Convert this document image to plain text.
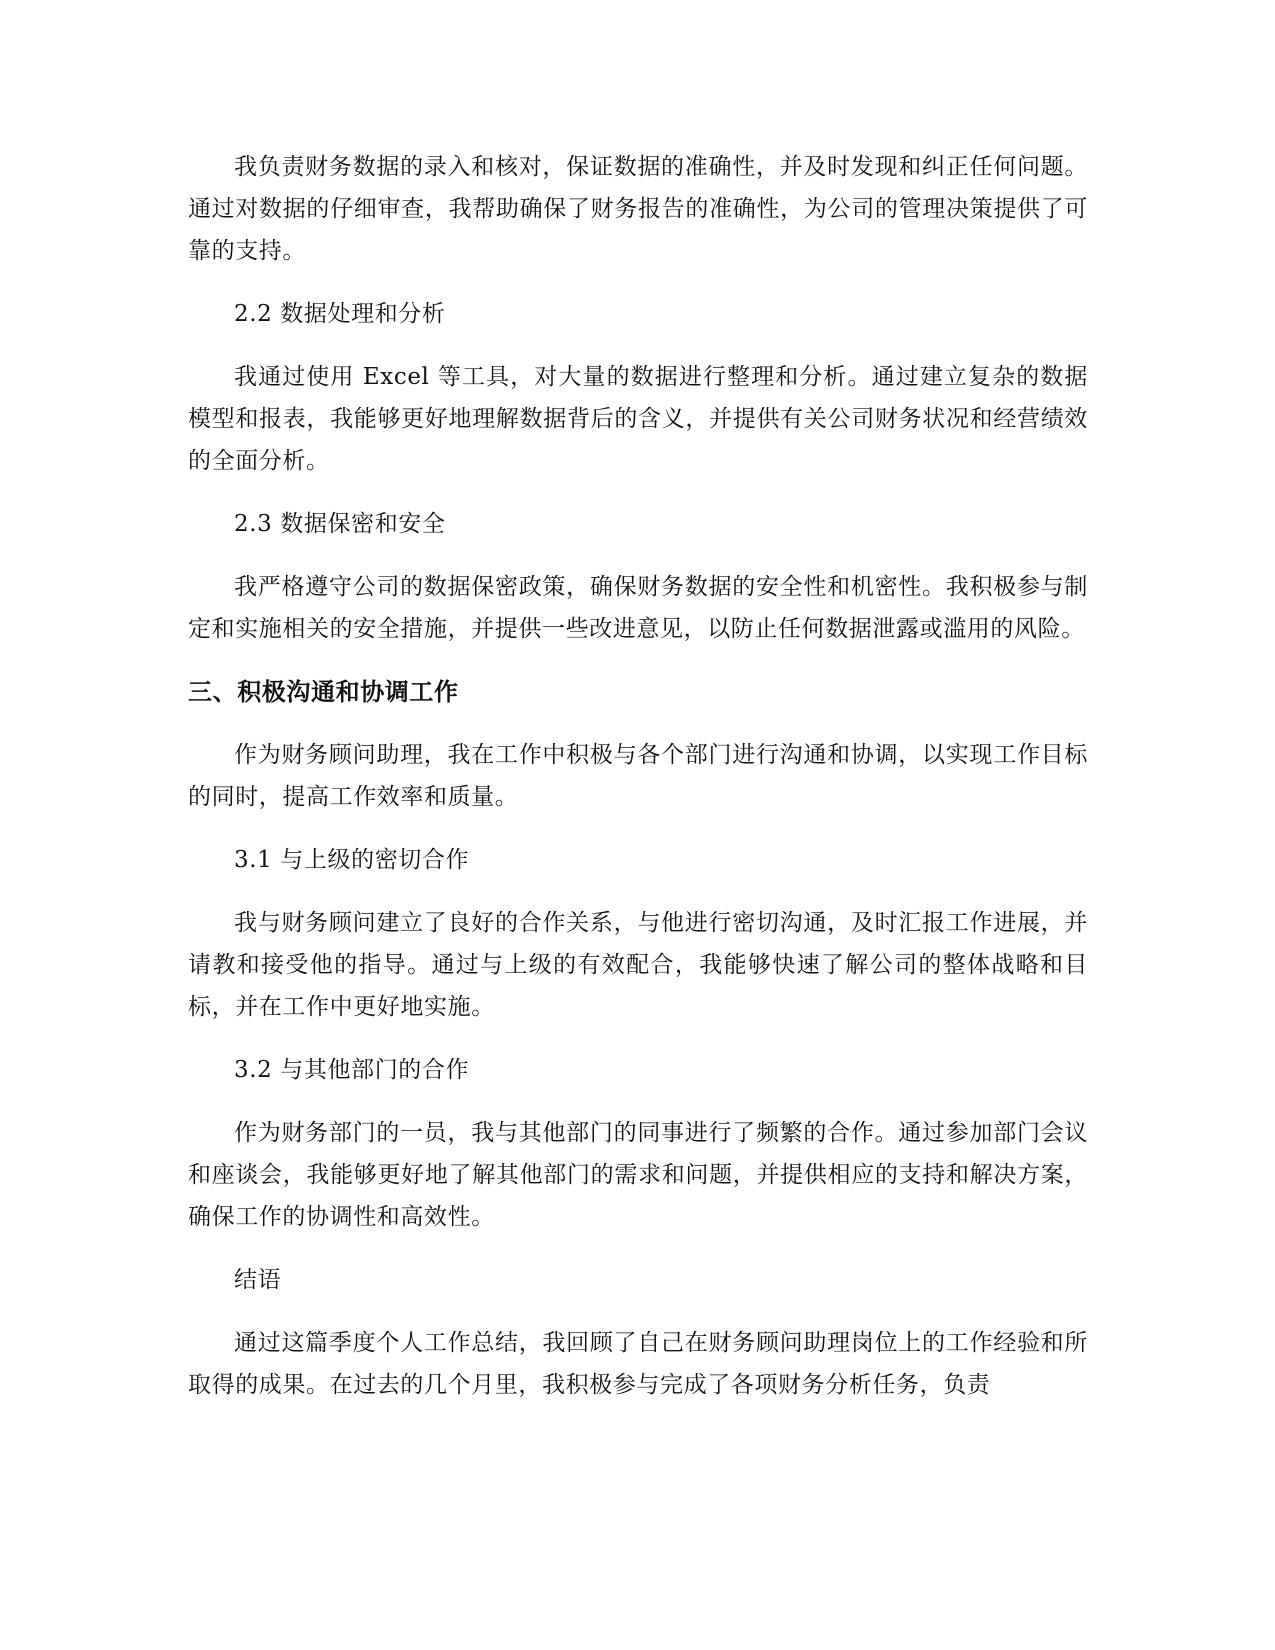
我负责财务数据的录入和核对，保证数据的准确性，并及时发现和纠正任何问题。通过对数据的仔细审查，我帮助确保了财务报告的准确性，为公司的管理决策提供了可靠的支持。

2.2 数据处理和分析

我通过使用 Excel 等工具，对大量的数据进行整理和分析。通过建立复杂的数据模型和报表，我能够更好地理解数据背后的含义，并提供有关公司财务状况和经营绩效的全面分析。

2.3 数据保密和安全

我严格遵守公司的数据保密政策，确保财务数据的安全性和机密性。我积极参与制定和实施相关的安全措施，并提供一些改进意见，以防止任何数据泄露或滥用的风险。

三、积极沟通和协调工作

作为财务顾问助理，我在工作中积极与各个部门进行沟通和协调，以实现工作目标的同时，提高工作效率和质量。

3.1 与上级的密切合作

我与财务顾问建立了良好的合作关系，与他进行密切沟通，及时汇报工作进展，并请教和接受他的指导。通过与上级的有效配合，我能够快速了解公司的整体战略和目标，并在工作中更好地实施。

3.2 与其他部门的合作

作为财务部门的一员，我与其他部门的同事进行了频繁的合作。通过参加部门会议和座谈会，我能够更好地了解其他部门的需求和问题，并提供相应的支持和解决方案，确保工作的协调性和高效性。

结语

通过这篇季度个人工作总结，我回顾了自己在财务顾问助理岗位上的工作经验和所取得的成果。在过去的几个月里，我积极参与完成了各项财务分析任务，负责
